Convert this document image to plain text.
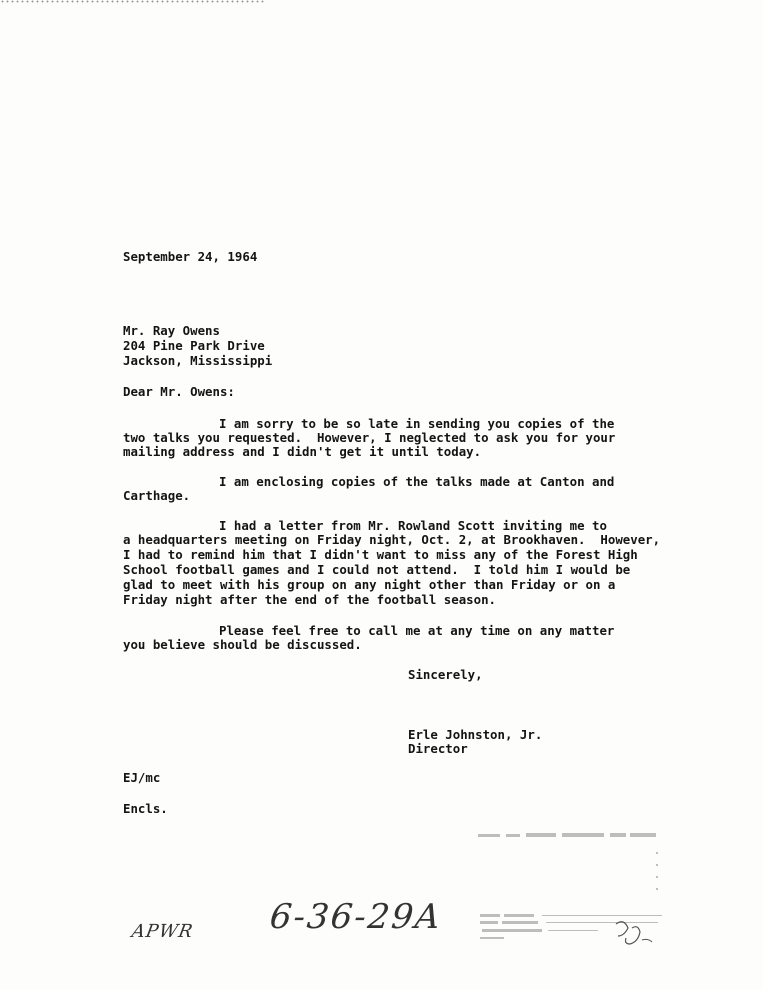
September 24, 1964
Mr. Ray Owens
204 Pine Park Drive
Jackson, Mississippi
Dear Mr. Owens:
I am sorry to be so late in sending you copies of the
two talks you requested.  However, I neglected to ask you for your
mailing address and I didn't get it until today.
I am enclosing copies of the talks made at Canton and
Carthage.
I had a letter from Mr. Rowland Scott inviting me to
a headquarters meeting on Friday night, Oct. 2, at Brookhaven.  However,
I had to remind him that I didn't want to miss any of the Forest High
School football games and I could not attend.  I told him I would be
glad to meet with his group on any night other than Friday or on a
Friday night after the end of the football season.
Please feel free to call me at any time on any matter
you believe should be discussed.
Sincerely,
Erle Johnston, Jr.
Director
EJ/mc
Encls.
APWR 6-36-29A
